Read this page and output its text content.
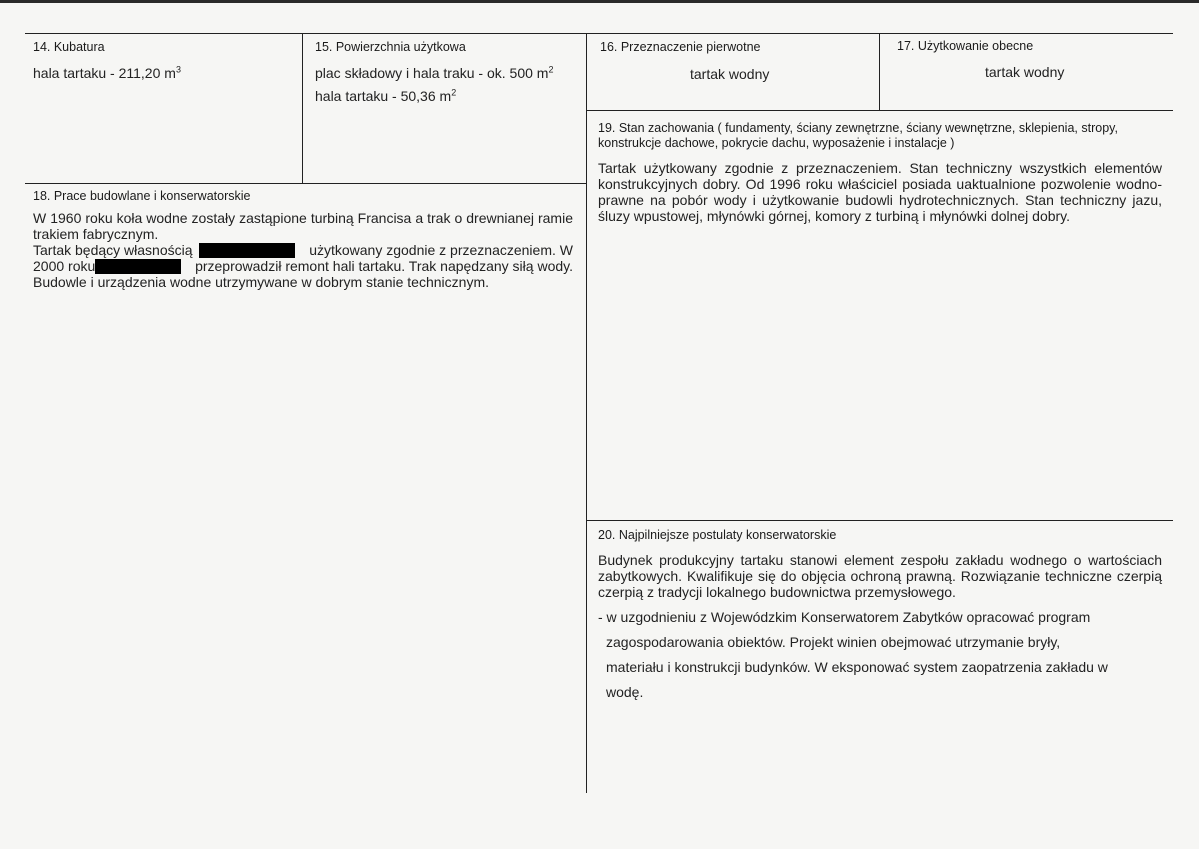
14. Kubatura
hala tartaku - 211,20 $m^3$
15. Powierzchnia użytkowa
plac składowy i hala traku - ok. 500 $m^2$
hala tartaku - 50,36 $m^2$
16. Przeznaczenie pierwotne
tartak wodny
17. Użytkowanie obecne
tartak wodny
19. Stan zachowania ( fundamenty, ściany zewnętrzne, ściany wewnętrzne, sklepienia, stropy, konstrukcje dachowe, pokrycie dachu, wyposażenie i instalacje )
Tartak użytkowany zgodnie z przeznaczeniem. Stan techniczny wszystkich elementów konstrukcyjnych dobry. Od 1996 roku właściciel posiada uaktualnione pozwolenie wodno-prawne na pobór wody i użytkowanie budowli hydrotechnicznych. Stan techniczny jazu, śluzy wpustowej, młynówki górnej, komory z turbiną i młynówki dolnej dobry.
18. Prace budowlane i konserwatorskie
W 1960 roku koła wodne zostały zastąpione turbiną Francisa a trak o drewnianej ramie trakiem fabrycznym.
Tartak będący własnością	użytkowany zgodnie z przeznaczeniem. W
2000 roku	przeprowadził remont hali tartaku. Trak napędzany siłą wody.
Budowle i urządzenia wodne utrzymywane w dobrym stanie technicznym.
20. Najpilniejsze postulaty konserwatorskie
Budynek produkcyjny tartaku stanowi element zespołu zakładu wodnego o wartościach zabytkowych. Kwalifikuje się do objęcia ochroną prawną. Rozwiązanie techniczne czerpią czerpią z tradycji lokalnego budownictwa przemysłowego.
- w uzgodnieniu z Wojewódzkim Konserwatorem Zabytków opracować program
zagospodarowania obiektów. Projekt winien obejmować utrzymanie bryły,
materiału i konstrukcji budynków. W eksponować system zaopatrzenia zakładu w
wodę.
